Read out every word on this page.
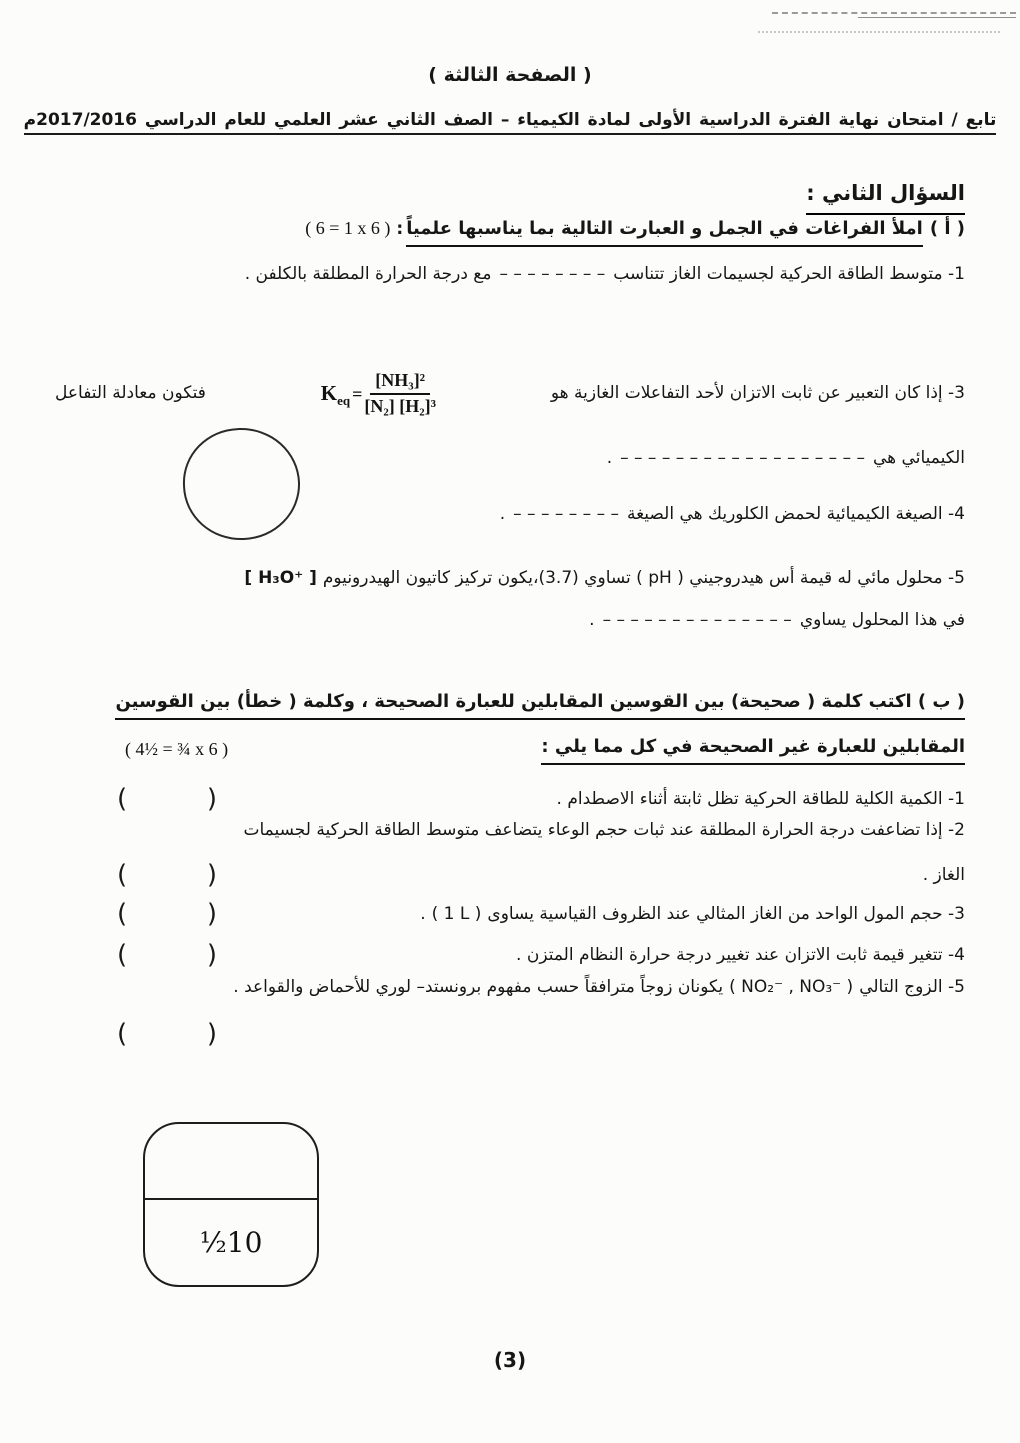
( الصفحة الثالثة )
تابع / امتحان نهاية الفترة الدراسية الأولى لمادة الكيمياء – الصف الثاني عشر العلمي للعام الدراسي 2017/2016م
السؤال الثاني :
( أ )املأ الفراغات في الجمل و العبارت التالية بما يناسبها علمياً:( 6 = 1 x 6 )
1- متوسط الطاقة الحركية لجسيمات الغاز تتناسب– – – – – – – –مع درجة الحرارة المطلقة بالكلفن .
3- إذا كان التعبير عن ثابت الاتزان لأحد التفاعلات الغازية هو
$K_{eq} = \frac{\text{[NH₃]²}}{\text{[N₂] [H₂]³}}$
فتكون معادلة التفاعل
الكيميائي هي– – – – – – – – – – – – – – – – – –.
4- الصيغة الكيميائية لحمض الكلوريك هي الصيغة– – – – – – – –.
5- محلول مائي له قيمة أس هيدروجيني ( pH ) تساوي (3.7)،يكون تركيز كاتيون الهيدرونيوم[ H₃O⁺ ]
في هذا المحلول يساوي– – – – – – – – – – – – – –.
( ب ) اكتب كلمة ( صحيحة) بين القوسين المقابلين للعبارة الصحيحة ، وكلمة ( خطأ) بين القوسين
المقابلين للعبارة غير الصحيحة في كل مما يلي :
( 4½ = ¾ x 6 )
1- الكمية الكلية للطاقة الحركية تظل ثابتة أثناء الاصطدام .
(
)
2- إذا تضاعفت درجة الحرارة المطلقة عند ثبات حجم الوعاء يتضاعف متوسط الطاقة الحركية لجسيمات
الغاز .
(
)
3- حجم المول الواحد من الغاز المثالي عند الظروف القياسية يساوى( 1 L ).
(
)
4- تتغير قيمة ثابت الاتزان عند تغيير درجة حرارة النظام المتزن .
(
)
5- الزوج التالي( NO₂⁻ , NO₃⁻ )يكونان زوجاً مترافقاً حسب مفهوم برونستد– لوري للأحماض والقواعد .
(
)
10½
(3)
